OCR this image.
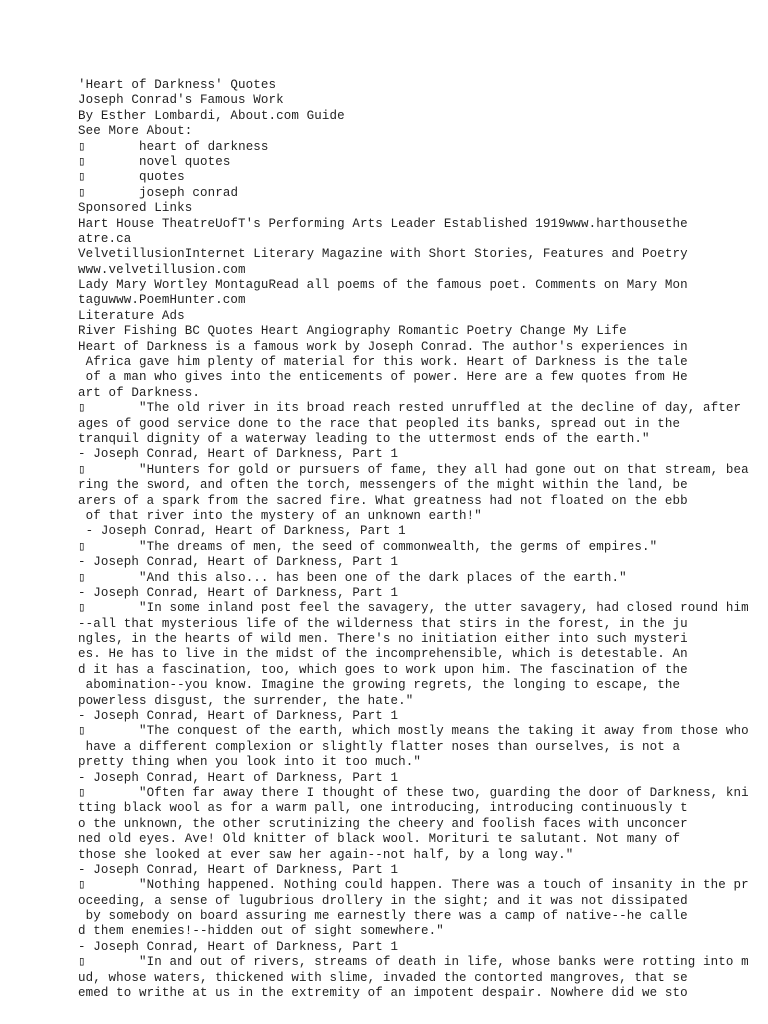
'Heart of Darkness' Quotes
Joseph Conrad's Famous Work
By Esther Lombardi, About.com Guide
See More About:
▯       heart of darkness
▯       novel quotes
▯       quotes
▯       joseph conrad
Sponsored Links
Hart House TheatreUofT's Performing Arts Leader Established 1919www.harthousethe
atre.ca
VelvetillusionInternet Literary Magazine with Short Stories, Features and Poetry
www.velvetillusion.com
Lady Mary Wortley MontaguRead all poems of the famous poet. Comments on Mary Mon
taguwww.PoemHunter.com
Literature Ads
River Fishing BC Quotes Heart Angiography Romantic Poetry Change My Life
Heart of Darkness is a famous work by Joseph Conrad. The author's experiences in
Africa gave him plenty of material for this work. Heart of Darkness is the tale
of a man who gives into the enticements of power. Here are a few quotes from He
art of Darkness.
▯       "The old river in its broad reach rested unruffled at the decline of day, after
ages of good service done to the race that peopled its banks, spread out in the
tranquil dignity of a waterway leading to the uttermost ends of the earth."
- Joseph Conrad, Heart of Darkness, Part 1
▯       "Hunters for gold or pursuers of fame, they all had gone out on that stream, bea
ring the sword, and often the torch, messengers of the might within the land, be
arers of a spark from the sacred fire. What greatness had not floated on the ebb
of that river into the mystery of an unknown earth!"
- Joseph Conrad, Heart of Darkness, Part 1
▯       "The dreams of men, the seed of commonwealth, the germs of empires."
- Joseph Conrad, Heart of Darkness, Part 1
▯       "And this also... has been one of the dark places of the earth."
- Joseph Conrad, Heart of Darkness, Part 1
▯       "In some inland post feel the savagery, the utter savagery, had closed round him
--all that mysterious life of the wilderness that stirs in the forest, in the ju
ngles, in the hearts of wild men. There's no initiation either into such mysteri
es. He has to live in the midst of the incomprehensible, which is detestable. An
d it has a fascination, too, which goes to work upon him. The fascination of the
abomination--you know. Imagine the growing regrets, the longing to escape, the
powerless disgust, the surrender, the hate."
- Joseph Conrad, Heart of Darkness, Part 1
▯       "The conquest of the earth, which mostly means the taking it away from those who
have a different complexion or slightly flatter noses than ourselves, is not a
pretty thing when you look into it too much."
- Joseph Conrad, Heart of Darkness, Part 1
▯       "Often far away there I thought of these two, guarding the door of Darkness, kni
tting black wool as for a warm pall, one introducing, introducing continuously t
o the unknown, the other scrutinizing the cheery and foolish faces with unconcer
ned old eyes. Ave! Old knitter of black wool. Morituri te salutant. Not many of
those she looked at ever saw her again--not half, by a long way."
- Joseph Conrad, Heart of Darkness, Part 1
▯       "Nothing happened. Nothing could happen. There was a touch of insanity in the pr
oceeding, a sense of lugubrious drollery in the sight; and it was not dissipated
by somebody on board assuring me earnestly there was a camp of native--he calle
d them enemies!--hidden out of sight somewhere."
- Joseph Conrad, Heart of Darkness, Part 1
▯       "In and out of rivers, streams of death in life, whose banks were rotting into m
ud, whose waters, thickened with slime, invaded the contorted mangroves, that se
emed to writhe at us in the extremity of an impotent despair. Nowhere did we sto
